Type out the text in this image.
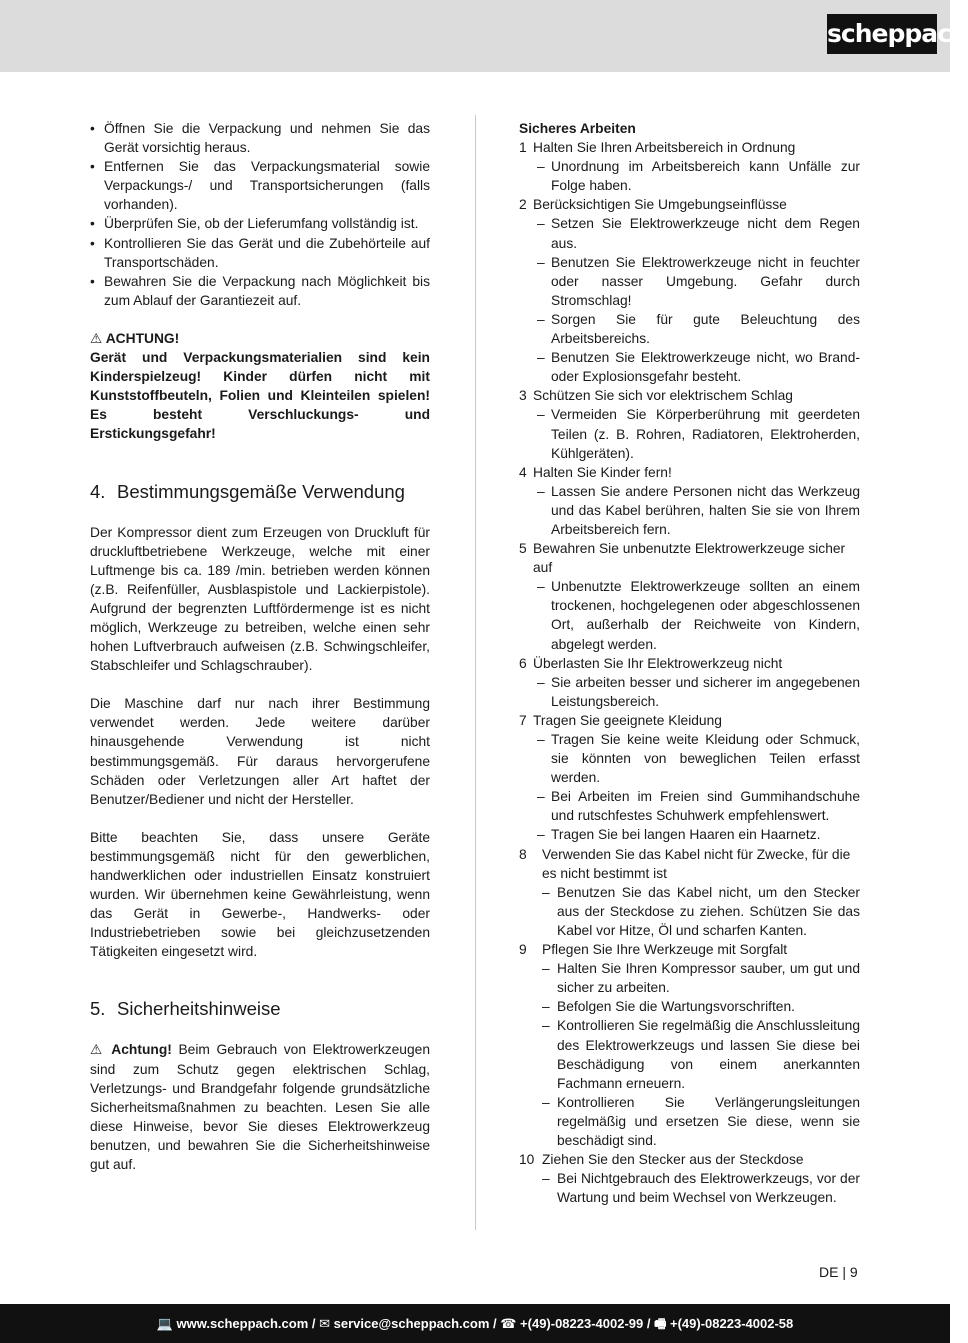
scheppach
• Öffnen Sie die Verpackung und nehmen Sie das Gerät vorsichtig heraus.
• Entfernen Sie das Verpackungsmaterial sowie Verpackungs-/ und Transportsicherungen (falls vorhanden).
• Überprüfen Sie, ob der Lieferumfang vollständig ist.
• Kontrollieren Sie das Gerät und die Zubehörteile auf Transportschäden.
• Bewahren Sie die Verpackung nach Möglichkeit bis zum Ablauf der Garantiezeit auf.
⚠ ACHTUNG!
Gerät und Verpackungsmaterialien sind kein Kinderspielzeug! Kinder dürfen nicht mit Kunststoffbeuteln, Folien und Kleinteilen spielen! Es besteht Verschluckungs- und Erstickungsgefahr!
4. Bestimmungsgemäße Verwendung

Der Kompressor dient zum Erzeugen von Druckluft für druckluftbetriebene Werkzeuge, welche mit einer Luftmenge bis ca. 189 /min. betrieben werden können (z.B. Reifenfüller, Ausblaspistole und Lackierpistole). Aufgrund der begrenzten Luftfördermenge ist es nicht möglich, Werkzeuge zu betreiben, welche einen sehr hohen Luftverbrauch aufweisen (z.B. Schwingschleifer, Stabschleifer und Schlagschrauber).

Die Maschine darf nur nach ihrer Bestimmung verwendet werden. Jede weitere darüber hinausgehende Verwendung ist nicht bestimmungsgemäß. Für daraus hervorgerufene Schäden oder Verletzungen aller Art haftet der Benutzer/Bediener und nicht der Hersteller.

Bitte beachten Sie, dass unsere Geräte bestimmungsgemäß nicht für den gewerblichen, handwerklichen oder industriellen Einsatz konstruiert wurden. Wir übernehmen keine Gewährleistung, wenn das Gerät in Gewerbe-, Handwerks- oder Industriebetrieben sowie bei gleichzusetzenden Tätigkeiten eingesetzt wird.

5. Sicherheitshinweise

⚠ Achtung! Beim Gebrauch von Elektrowerkzeugen sind zum Schutz gegen elektrischen Schlag, Verletzungs- und Brandgefahr folgende grundsätzliche Sicherheitsmaßnahmen zu beachten. Lesen Sie alle diese Hinweise, bevor Sie dieses Elektrowerkzeug benutzen, und bewahren Sie die Sicherheitshinweise gut auf.

Sicheres Arbeiten
1 Halten Sie Ihren Arbeitsbereich in Ordnung
– Unordnung im Arbeitsbereich kann Unfälle zur Folge haben.
2 Berücksichtigen Sie Umgebungseinflüsse
– Setzen Sie Elektrowerkzeuge nicht dem Regen aus.
– Benutzen Sie Elektrowerkzeuge nicht in feuchter oder nasser Umgebung. Gefahr durch Stromschlag!
– Sorgen Sie für gute Beleuchtung des Arbeitsbereichs.
– Benutzen Sie Elektrowerkzeuge nicht, wo Brand- oder Explosionsgefahr besteht.
3 Schützen Sie sich vor elektrischem Schlag
– Vermeiden Sie Körperberührung mit geerdeten Teilen (z. B. Rohren, Radiatoren, Elektroherden, Kühlgeräten).
4 Halten Sie Kinder fern!
– Lassen Sie andere Personen nicht das Werkzeug und das Kabel berühren, halten Sie sie von Ihrem Arbeitsbereich fern.
5 Bewahren Sie unbenutzte Elektrowerkzeuge sicher auf
– Unbenutzte Elektrowerkzeuge sollten an einem trockenen, hochgelegenen oder abgeschlossenen Ort, außerhalb der Reichweite von Kindern, abgelegt werden.
6 Überlasten Sie Ihr Elektrowerkzeug nicht
– Sie arbeiten besser und sicherer im angegebenen Leistungsbereich.
7 Tragen Sie geeignete Kleidung
– Tragen Sie keine weite Kleidung oder Schmuck, sie könnten von beweglichen Teilen erfasst werden.
– Bei Arbeiten im Freien sind Gummihandschuhe und rutschfestes Schuhwerk empfehlenswert.
– Tragen Sie bei langen Haaren ein Haarnetz.
8 Verwenden Sie das Kabel nicht für Zwecke, für die es nicht bestimmt ist
– Benutzen Sie das Kabel nicht, um den Stecker aus der Steckdose zu ziehen. Schützen Sie das Kabel vor Hitze, Öl und scharfen Kanten.
9 Pflegen Sie Ihre Werkzeuge mit Sorgfalt
– Halten Sie Ihren Kompressor sauber, um gut und sicher zu arbeiten.
– Befolgen Sie die Wartungsvorschriften.
– Kontrollieren Sie regelmäßig die Anschlussleitung des Elektrowerkzeugs und lassen Sie diese bei Beschädigung von einem anerkannten Fachmann erneuern.
– Kontrollieren Sie Verlängerungsleitungen regelmäßig und ersetzen Sie diese, wenn sie beschädigt sind.
10 Ziehen Sie den Stecker aus der Steckdose
– Bei Nichtgebrauch des Elektrowerkzeugs, vor der Wartung und beim Wechsel von Werkzeugen.
DE | 9
💻 www.scheppach.com / ✉ service@scheppach.com / ☎ +(49)-08223-4002-99 / 🖷 +(49)-08223-4002-58
